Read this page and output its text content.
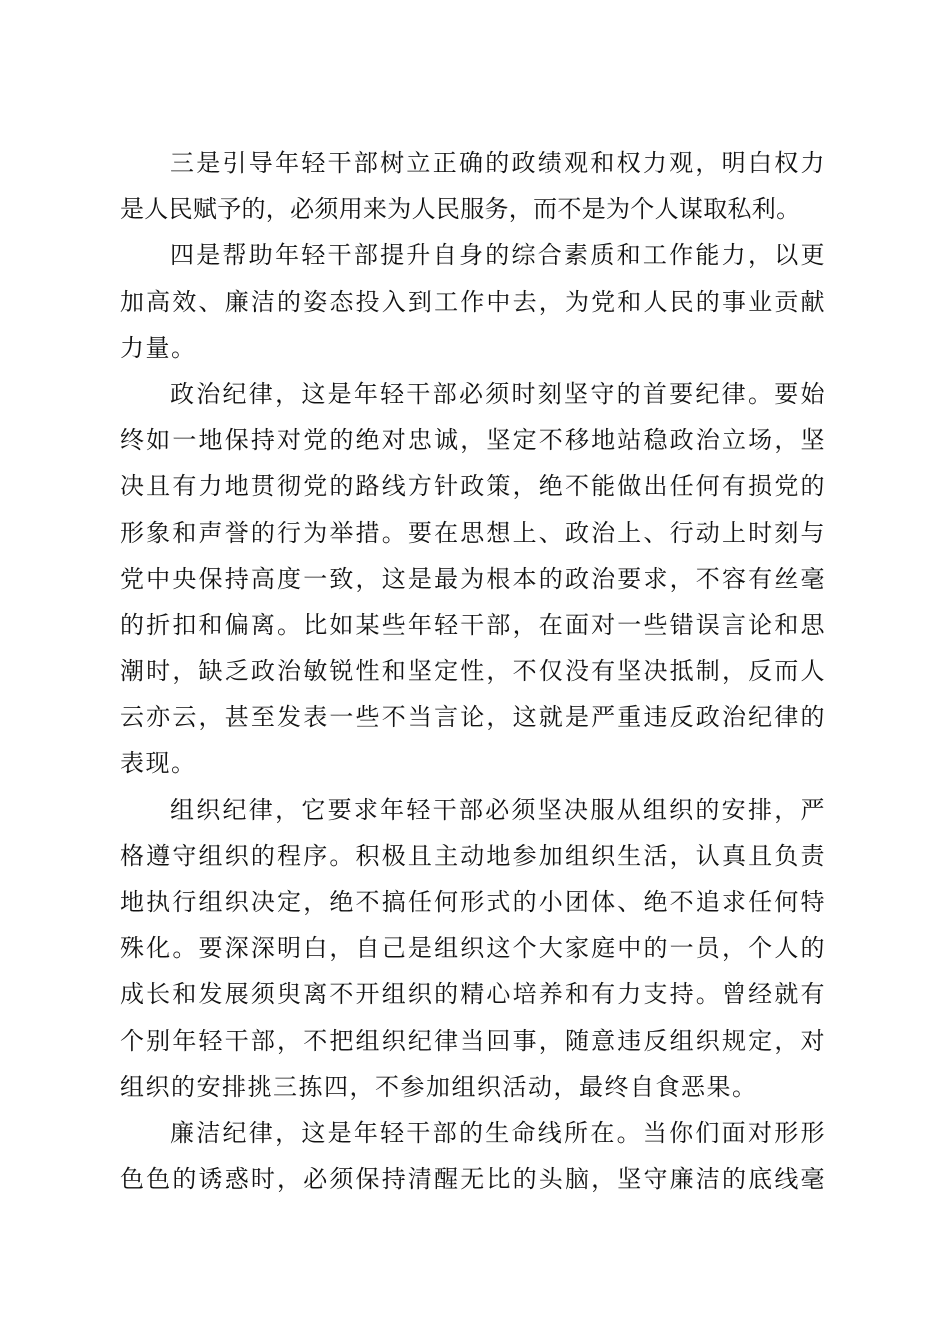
三是引导年轻干部树立正确的政绩观和权力观，明白权力
是人民赋予的，必须用来为人民服务，而不是为个人谋取私利。
四是帮助年轻干部提升自身的综合素质和工作能力，以更
加高效、廉洁的姿态投入到工作中去，为党和人民的事业贡献
力量。
政治纪律，这是年轻干部必须时刻坚守的首要纪律。要始
终如一地保持对党的绝对忠诚，坚定不移地站稳政治立场，坚
决且有力地贯彻党的路线方针政策，绝不能做出任何有损党的
形象和声誉的行为举措。要在思想上、政治上、行动上时刻与
党中央保持高度一致，这是最为根本的政治要求，不容有丝毫
的折扣和偏离。比如某些年轻干部，在面对一些错误言论和思
潮时，缺乏政治敏锐性和坚定性，不仅没有坚决抵制，反而人
云亦云，甚至发表一些不当言论，这就是严重违反政治纪律的
表现。
组织纪律，它要求年轻干部必须坚决服从组织的安排，严
格遵守组织的程序。积极且主动地参加组织生活，认真且负责
地执行组织决定，绝不搞任何形式的小团体、绝不追求任何特
殊化。要深深明白，自己是组织这个大家庭中的一员，个人的
成长和发展须臾离不开组织的精心培养和有力支持。曾经就有
个别年轻干部，不把组织纪律当回事，随意违反组织规定，对
组织的安排挑三拣四，不参加组织活动，最终自食恶果。
廉洁纪律，这是年轻干部的生命线所在。当你们面对形形
色色的诱惑时，必须保持清醒无比的头脑，坚守廉洁的底线毫
